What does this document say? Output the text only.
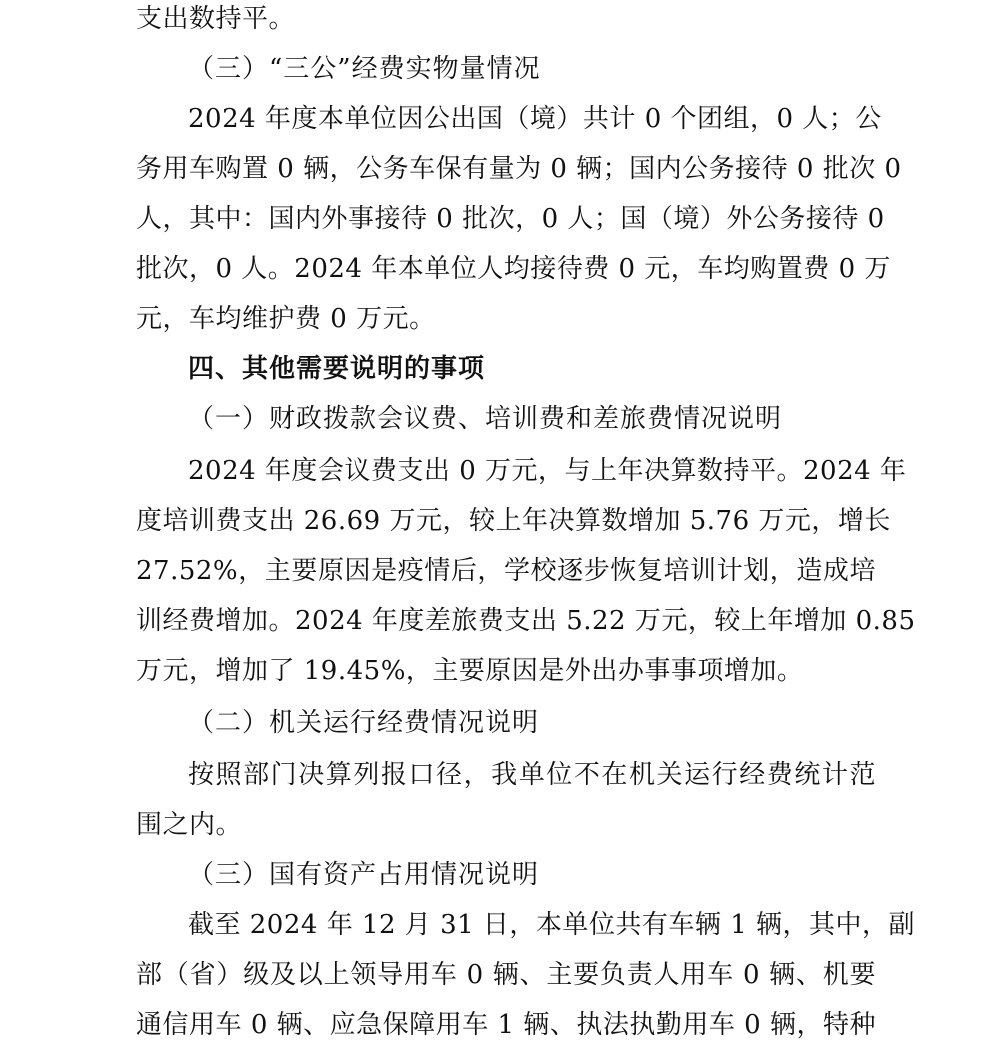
支出数持平。
（三）“三公”经费实物量情况
2024 年度本单位因公出国（境）共计 0 个团组，0 人；公
务用车购置 0 辆，公务车保有量为 0 辆；国内公务接待 0 批次 0
人，其中：国内外事接待 0 批次，0 人；国（境）外公务接待 0
批次，0 人。2024 年本单位人均接待费 0 元，车均购置费 0 万
元，车均维护费 0 万元。
四、其他需要说明的事项
（一）财政拨款会议费、培训费和差旅费情况说明
2024 年度会议费支出 0 万元，与上年决算数持平。2024 年
度培训费支出 26.69 万元，较上年决算数增加 5.76 万元，增长
27.52%，主要原因是疫情后，学校逐步恢复培训计划，造成培
训经费增加。2024 年度差旅费支出 5.22 万元，较上年增加 0.85
万元，增加了 19.45%，主要原因是外出办事事项增加。
（二）机关运行经费情况说明
按照部门决算列报口径，我单位不在机关运行经费统计范
围之内。
（三）国有资产占用情况说明
截至 2024 年 12 月 31 日，本单位共有车辆 1 辆，其中，副
部（省）级及以上领导用车 0 辆、主要负责人用车 0 辆、机要
通信用车 0 辆、应急保障用车 1 辆、执法执勤用车 0 辆，特种
